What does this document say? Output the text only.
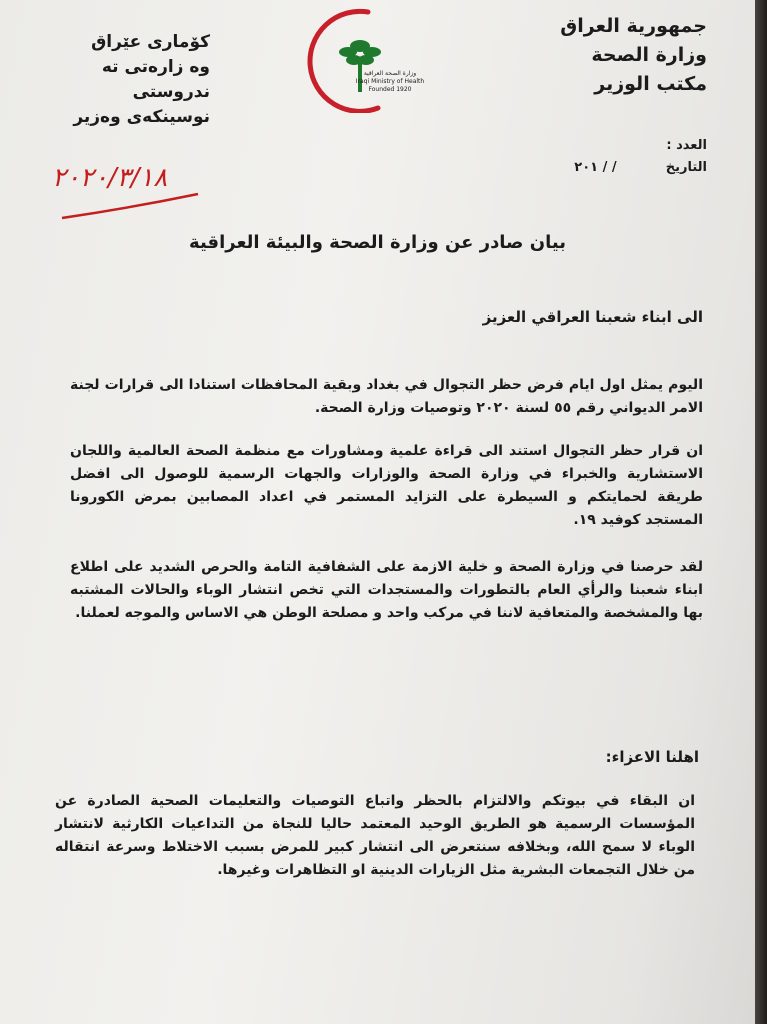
جمهورية العراق
وزارة الصحة
مكتب الوزير
كۆماری عێراق
وه زارەتی ته ندروستی
نوسینکەی وەزیر
وزارة الصحة العراقية
Iraqi Ministry of Health
Founded 1920
العدد :
التاريخ  / / ٢٠١
٢٠٢٠/٣/١٨
بيان صادر عن وزارة الصحة والبيئة العراقية
الى ابناء شعبنا العراقي العزيز
اليوم يمثل اول ايام فرض حظر التجوال في بغداد وبقية المحافظات استنادا الى قرارات لجنة الامر الديواني رقم ٥٥ لسنة ٢٠٢٠ وتوصيات وزارة الصحة.
ان قرار حظر التجوال استند الى قراءة علمية ومشاورات مع منظمة الصحة العالمية واللجان الاستشارية والخبراء في وزارة الصحة والوزارات والجهات الرسمية للوصول الى افضل طريقة لحمايتكم و السيطرة على التزايد المستمر في اعداد المصابين بمرض الكورونا المستجد كوفيد ١٩.
لقد حرصنا في وزارة الصحة و خلية الازمة على الشفافية التامة والحرص الشديد على اطلاع ابناء شعبنا والرأي العام بالتطورات والمستجدات التي تخص انتشار الوباء والحالات المشتبه بها والمشخصة والمتعافية لاننا في مركب واحد و مصلحة الوطن هي الاساس والموجه لعملنا.
اهلنا الاعزاء:
ان البقاء في بيوتكم والالتزام بالحظر واتباع التوصيات والتعليمات الصحية الصادرة عن المؤسسات الرسمية هو الطريق الوحيد المعتمد حاليا للنجاة من التداعيات الكارثية لانتشار الوباء لا سمح الله، وبخلافه سنتعرض الى انتشار كبير للمرض بسبب الاختلاط وسرعة انتقاله من خلال التجمعات البشرية مثل الزيارات الدينية او التظاهرات وغيرها.
